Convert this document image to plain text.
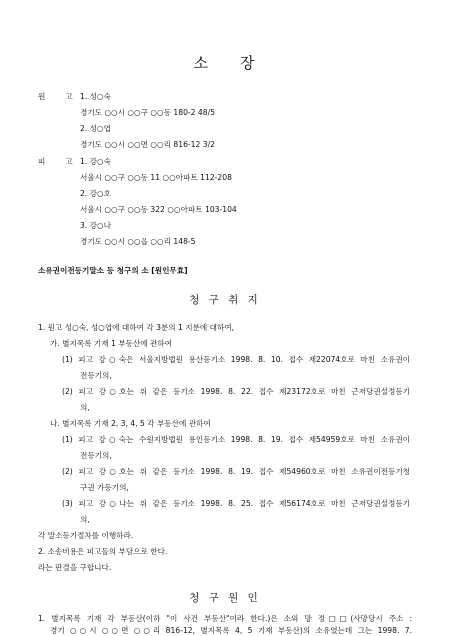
소 장
원	고 1. 성○숙
경기도 ○○시 ○○구 ○○동 180-2 48/5
2. 성○엽
경기도 ○○시 ○○면 ○○리 816-12 3/2
피	고 1. 강○숙
서울시 ○○구 ○○동 11 ○○아파트 112-208
2. 강○호
서울시 ○○구 ○○동 322 ○○아파트 103-104
3. 강○나
경기도 ○○시 ○○읍 ○○리 148-5
소유권이전등기말소 등 청구의 소 [원인무효]
청 구 취 지
1. 원고 성○숙, 성○엽에 대하여 각 3분의 1 지분에 대하여,
가. 별지목록 기재 1 부동산에 관하여
(1) 피고 강○숙은 서울지방법원 용산등기소 1998. 8. 10. 접수 제22074호로 마친 소유권이
전등기의,
(2) 피고 강○호는 위 같은 등기소 1998. 8. 22. 접수 제23172호로 마친 근저당권설정등기
의,
나. 별지목록 기재 2, 3, 4, 5 각 부동산에 관하여
(1) 피고 강○숙는 수원지방법원 용인등기소 1998. 8. 19. 접수 제54959호로 마친 소유권이
전등기의,
(2) 피고 강○호는 위 같은 등기소 1998. 8. 19. 접수 제54960호로 마친 소유권이전등기청
구권 가등기의,
(3) 피고 강○나는 위 같은 등기소 1998. 8. 25. 접수 제56174호로 마친 근저당권설정등기
의,
각 말소등기절차를 이행하라.
2. 소송비용은 피고들의 부담으로 한다.
라는 판결을 구합니다.
청 구 원 인
1. 별지목록 기재 각 부동산(이하 "이 사건 부동산"이라 한다.)은 소외 망 정□□(사망당시 주소 :
경기 ○○시 ○○면 ○○리 816-12, 별지목록 4, 5 기재 부동산)의 소유였는데 그는 1998. 7.
